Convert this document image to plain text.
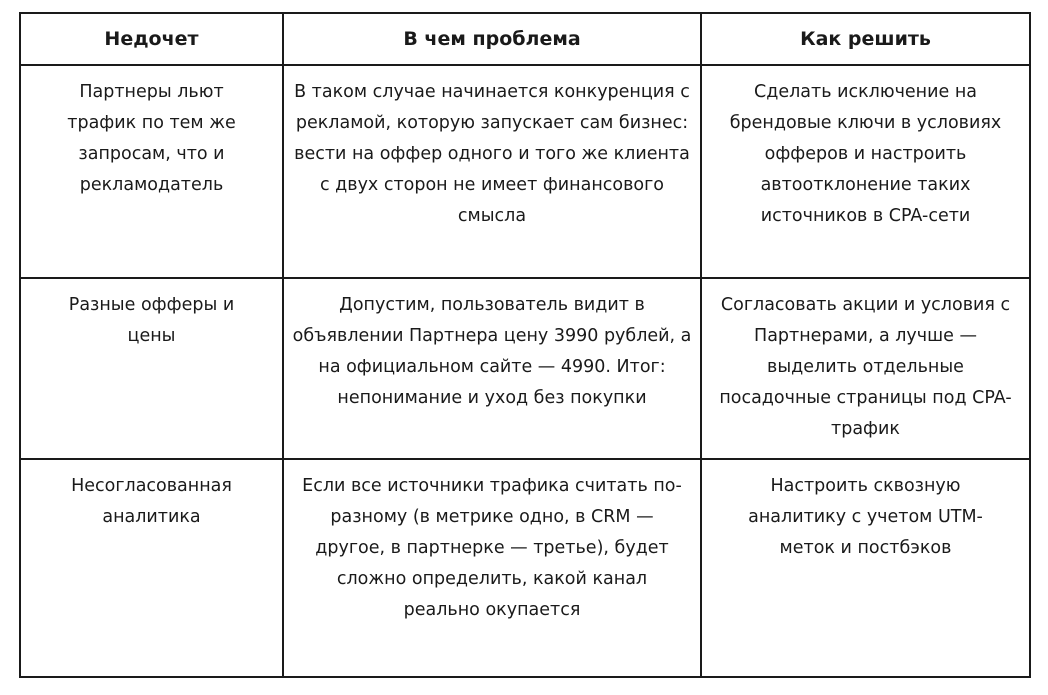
Недочет	В чем проблема	Как решить

Партнеры льют трафик по тем же запросам, что и рекламодатель	В таком случае начинается конкуренция с рекламой, которую запускает сам бизнес: вести на оффер одного и того же клиента с двух сторон не имеет финансового смысла	Сделать исключение на брендовые ключи в условиях офферов и настроить автоотклонение таких источников в CPA-сети

Разные офферы и цены	Допустим, пользователь видит в объявлении Партнера цену 3990 рублей, а на официальном сайте — 4990. Итог: непонимание и уход без покупки	Согласовать акции и условия с Партнерами, а лучше — выделить отдельные посадочные страницы под CPA-трафик

Несогласованная аналитика	Если все источники трафика считать по-разному (в метрике одно, в CRM — другое, в партнерке — третье), будет сложно определить, какой канал реально окупается	Настроить сквозную аналитику с учетом UTM-меток и постбэков
